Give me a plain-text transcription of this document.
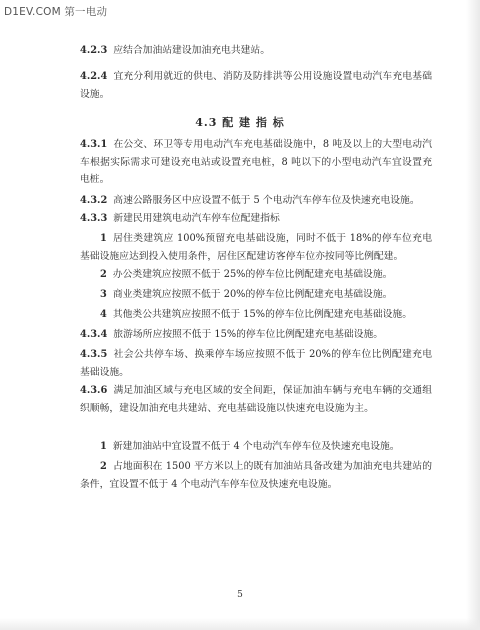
D1EV.COM 第一电动

4.2.3 应结合加油站建设加油充电共建站。

4.2.4 宜充分利用就近的供电、消防及防排洪等公用设施设置电动汽车充电基础设施。

4.3 配 建 指 标

4.3.1 在公交、环卫等专用电动汽车充电基础设施中，8 吨及以上的大型电动汽车根据实际需求可建设充电站或设置充电桩，8 吨以下的小型电动汽车宜设置充电桩。

4.3.2 高速公路服务区中应设置不低于 5 个电动汽车停车位及快速充电设施。

4.3.3 新建民用建筑电动汽车停车位配建指标

1 居住类建筑应 100%预留充电基础设施，同时不低于 18%的停车位充电基础设施应达到投入使用条件，居住区配建访客停车位亦按同等比例配建。

2 办公类建筑应按照不低于 25%的停车位比例配建充电基础设施。

3 商业类建筑应按照不低于 20%的停车位比例配建充电基础设施。

4 其他类公共建筑应按照不低于 15%的停车位比例配建充电基础设施。

4.3.4 旅游场所应按照不低于 15%的停车位比例配建充电基础设施。

4.3.5 社会公共停车场、换乘停车场应按照不低于 20%的停车位比例配建充电基础设施。

4.3.6 满足加油区域与充电区域的安全间距，保证加油车辆与充电车辆的交通组织顺畅，建设加油充电共建站、充电基础设施以快速充电设施为主。

1 新建加油站中宜设置不低于 4 个电动汽车停车位及快速充电设施。

2 占地面积在 1500 平方米以上的既有加油站具备改建为加油充电共建站的条件，宜设置不低于 4 个电动汽车停车位及快速充电设施。

5
